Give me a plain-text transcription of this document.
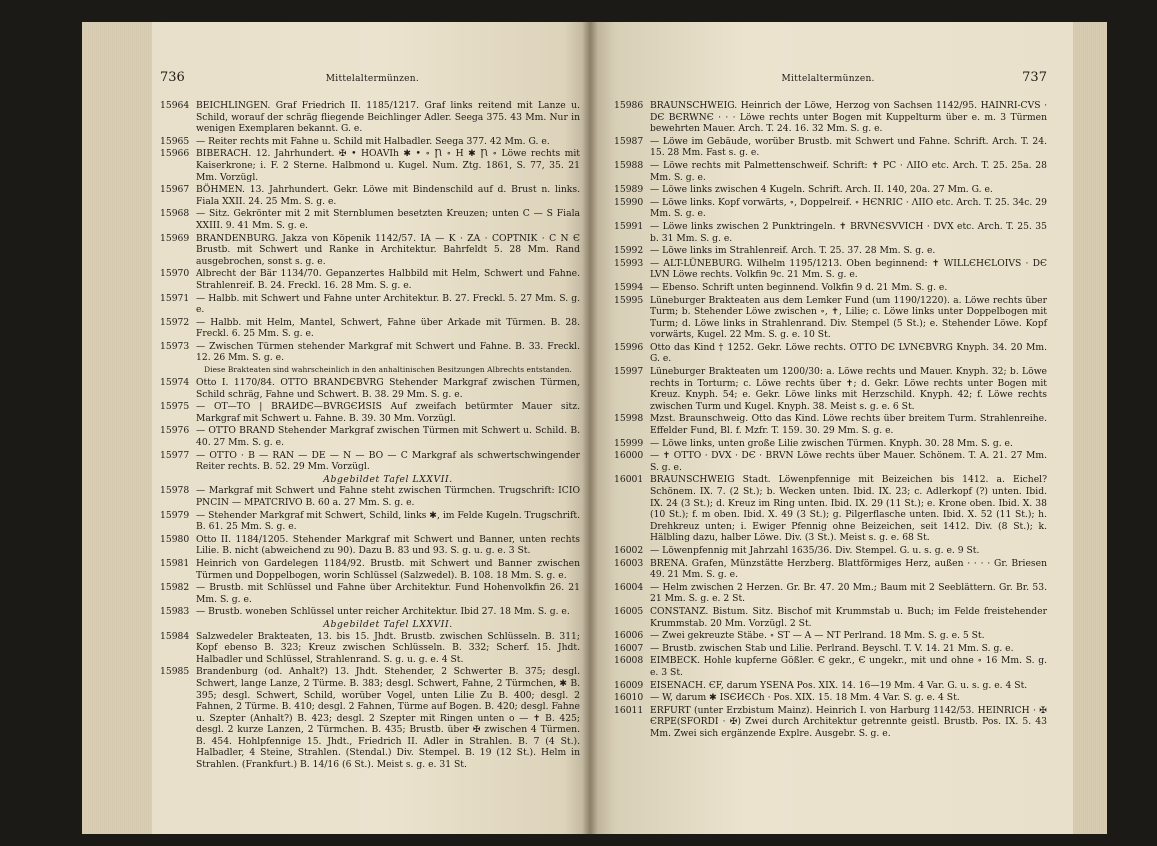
736	Mittelaltermünzen.
15964 BEICHLINGEN. Graf Friedrich II. 1185/1217. Graf links reitend mit Lanze u. Schild, worauf der schräg fliegende Beichlinger Adler. Seega 375. 43 Mm. Nur in wenigen Exemplaren bekannt. G. e.
15965 — Reiter rechts mit Fahne u. Schild mit Halbadler. Seega 377. 42 Mm. G. e.
15966 BIBERACH. 12. Jahrhundert. ✠ • HOAVIh ✱ • ∘ Ꞃ ∘ H ✱ Ꞃ ∘ Löwe rechts mit Kaiserkrone; i. F. 2 Sterne. Halbmond u. Kugel. Num. Ztg. 1861, S. 77, 35. 21 Mm. Vorzügl.
15967 BÖHMEN. 13. Jahrhundert. Gekr. Löwe mit Bindenschild auf d. Brust n. links. Fiala XXII. 24. 25 Mm. S. g. e.
15968 — Sitz. Gekrönter mit 2 mit Sternblumen besetzten Kreuzen; unten C — S Fiala XXIII. 9. 41 Mm. S. g. e.
15969 BRANDENBURG. Jakza von Köpenik 1142/57. IA — K · ZA · COPTNIK · C N Є Brustb. mit Schwert und Ranke in Architektur. Bahrfeldt 5. 28 Mm. Rand ausgebrochen, sonst s. g. e.
15970 Albrecht der Bär 1134/70. Gepanzertes Halbbild mit Helm, Schwert und Fahne. Strahlenreif. B. 24. Freckl. 16. 28 Mm. S. g. e.
15971 — Halbb. mit Schwert und Fahne unter Architektur. B. 27. Freckl. 5. 27 Mm. S. g. e.
15972 — Halbb. mit Helm, Mantel, Schwert, Fahne über Arkade mit Türmen. B. 28. Freckl. 6. 25 Mm. S. g. e.
15973 — Zwischen Türmen stehender Markgraf mit Schwert und Fahne. B. 33. Freckl. 12. 26 Mm. S. g. e.
Diese Brakteaten sind wahrscheinlich in den anhaltinischen Besitzungen Albrechts entstanden.
15974 Otto I. 1170/84. OTTO BRANDЄBVRG Stehender Markgraf zwischen Türmen, Schild schräg, Fahne und Schwert. B. 38. 29 Mm. S. g. e.
15975 — OT—TO | BRAИDЄ—BVRGЄИSIS Auf zweifach betürmter Mauer sitz. Markgraf mit Schwert u. Fahne. B. 39. 30 Mm. Vorzügl.
15976 — OTTO BRAND Stehender Markgraf zwischen Türmen mit Schwert u. Schild. B. 40. 27 Mm. S. g. e.
15977 — OTTO · B — RAN — DE — N — BO — C Markgraf als schwertschwingender Reiter rechts. B. 52. 29 Mm. Vorzügl.
Abgebildet Tafel LXXVII.
15978 — Markgraf mit Schwert und Fahne steht zwischen Türmchen. Trugschrift: ICIO PNCIN — MPATCRIVO B. 60 a. 27 Mm. S. g. e.
15979 — Stehender Markgraf mit Schwert, Schild, links ✱, im Felde Kugeln. Trugschrift. B. 61. 25 Mm. S. g. e.
15980 Otto II. 1184/1205. Stehender Markgraf mit Schwert und Banner, unten rechts Lilie. B. nicht (abweichend zu 90). Dazu B. 83 und 93. S. g. u. g. e. 3 St.
15981 Heinrich von Gardelegen 1184/92. Brustb. mit Schwert und Banner zwischen Türmen und Doppelbogen, worin Schlüssel (Salzwedel). B. 108. 18 Mm. S. g. e.
15982 — Brustb. mit Schlüssel und Fahne über Architektur. Fund Hohenvolkfin 26. 21 Mm. S. g. e.
15983 — Brustb. woneben Schlüssel unter reicher Architektur. Ibid 27. 18 Mm. S. g. e.
Abgebildet Tafel LXXVII.
15984 Salzwedeler Brakteaten, 13. bis 15. Jhdt. Brustb. zwischen Schlüsseln. B. 311; Kopf ebenso B. 323; Kreuz zwischen Schlüsseln. B. 332; Scherf. 15. Jhdt. Halbadler und Schlüssel, Strahlenrand. S. g. u. g. e. 4 St.
15985 Brandenburg (od. Anhalt?) 13. Jhdt. Stehender, 2 Schwerter B. 375; desgl. Schwert, lange Lanze, 2 Türme. B. 383; desgl. Schwert, Fahne, 2 Türmchen, ✱ B. 395; desgl. Schwert, Schild, worüber Vogel, unten Lilie Zu B. 400; desgl. 2 Fahnen, 2 Türme. B. 410; desgl. 2 Fahnen, Türme auf Bogen. B. 420; desgl. Fahne u. Szepter (Anhalt?) B. 423; desgl. 2 Szepter mit Ringen unten o — ✝ B. 425; desgl. 2 kurze Lanzen, 2 Türmchen. B. 435; Brustb. über ✠ zwischen 4 Türmen. B. 454. Hohlpfennige 15. Jhdt., Friedrich II. Adler in Strahlen. B. 7 (4 St.). Halbadler, 4 Steine, Strahlen. (Stendal.) Div. Stempel. B. 19 (12 St.). Helm in Strahlen. (Frankfurt.) B. 14/16 (6 St.). Meist s. g. e. 31 St.
Mittelaltermünzen.	737
15986 BRAUNSCHWEIG. Heinrich der Löwe, Herzog von Sachsen 1142/95. HAINRI-CVS · DЄ BЄRWNЄ · · · Löwe rechts unter Bogen mit Kuppelturm über e. m. 3 Türmen bewehrten Mauer. Arch. T. 24. 16. 32 Mm. S. g. e.
15987 — Löwe im Gebäude, worüber Brustb. mit Schwert und Fahne. Schrift. Arch. T. 24. 15. 28 Mm. Fast s. g. e.
15988 — Löwe rechts mit Palmettenschweif. Schrift: ✝ PC · ΛIIO etc. Arch. T. 25. 25a. 28 Mm. S. g. e.
15989 — Löwe links zwischen 4 Kugeln. Schrift. Arch. II. 140, 20a. 27 Mm. G. e.
15990 — Löwe links. Kopf vorwärts, ∘, Doppelreif. ∘ HЄNRIC · ΛIIO etc. Arch. T. 25. 34c. 29 Mm. S. g. e.
15991 — Löwe links zwischen 2 Punktringeln. ✝ BRVNЄSVVICH · DVX etc. Arch. T. 25. 35 b. 31 Mm. S. g. e.
15992 — Löwe links im Strahlenreif. Arch. T. 25. 37. 28 Mm. S. g. e.
15993 — ALT-LÜNEBURG. Wilhelm 1195/1213. Oben beginnend: ✝ WILLЄHЄLOIVS · DЄ LVN Löwe rechts. Volkfin 9c. 21 Mm. S. g. e.
15994 — Ebenso. Schrift unten beginnend. Volkfin 9 d. 21 Mm. S. g. e.
15995 Lüneburger Brakteaten aus dem Lemker Fund (um 1190/1220). a. Löwe rechts über Turm; b. Stehender Löwe zwischen ∘, ✝, Lilie; c. Löwe links unter Doppelbogen mit Turm; d. Löwe links in Strahlenrand. Div. Stempel (5 St.); e. Stehender Löwe. Kopf vorwärts, Kugel. 22 Mm. S. g. e. 10 St.
15996 Otto das Kind † 1252. Gekr. Löwe rechts. OTTO DЄ LVNЄBVRG Knyph. 34. 20 Mm. G. e.
15997 Lüneburger Brakteaten um 1200/30: a. Löwe rechts und Mauer. Knyph. 32; b. Löwe rechts in Torturm; c. Löwe rechts über ✝; d. Gekr. Löwe rechts unter Bogen mit Kreuz. Knyph. 54; e. Gekr. Löwe links mit Herzschild. Knyph. 42; f. Löwe rechts zwischen Turm und Kugel. Knyph. 38. Meist s. g. e. 6 St.
15998 Mzst. Braunschweig. Otto das Kind. Löwe rechts über breitem Turm. Strahlenreihe. Effelder Fund, Bl. f. Mzfr. T. 159. 30. 29 Mm. S. g. e.
15999 — Löwe links, unten große Lilie zwischen Türmen. Knyph. 30. 28 Mm. S. g. e.
16000 — ✝ OTTO · DVX · DЄ · BRVN Löwe rechts über Mauer. Schönem. T. A. 21. 27 Mm. S. g. e.
16001 BRAUNSCHWEIG Stadt. Löwenpfennige mit Beizeichen bis 1412. a. Eichel? Schönem. IX. 7. (2 St.); b. Wecken unten. Ibid. IX. 23; c. Adlerkopf (?) unten. Ibid. IX. 24 (3 St.); d. Kreuz im Ring unten. Ibid. IX. 29 (11 St.); e. Krone oben. Ibid. X. 38 (10 St.); f. m oben. Ibid. X. 49 (3 St.); g. Pilgerflasche unten. Ibid. X. 52 (11 St.); h. Drehkreuz unten; i. Ewiger Pfennig ohne Beizeichen, seit 1412. Div. (8 St.); k. Hälbling dazu, halber Löwe. Div. (3 St.). Meist s. g. e. 68 St.
16002 — Löwenpfennig mit Jahrzahl 1635/36. Div. Stempel. G. u. s. g. e. 9 St.
16003 BRENA. Grafen, Münzstätte Herzberg. Blattförmiges Herz, außen · · · · Gr. Briesen 49. 21 Mm. S. g. e.
16004 — Helm zwischen 2 Herzen. Gr. Br. 47. 20 Mm.; Baum mit 2 Seeblättern. Gr. Br. 53. 21 Mm. S. g. e. 2 St.
16005 CONSTANZ. Bistum. Sitz. Bischof mit Krummstab u. Buch; im Felde freistehender Krummstab. 20 Mm. Vorzügl. 2 St.
16006 — Zwei gekreuzte Stäbe. ∘ ST — A — NT Perlrand. 18 Mm. S. g. e. 5 St.
16007 — Brustb. zwischen Stab und Lilie. Perlrand. Beyschl. T. V. 14. 21 Mm. S. g. e.
16008 EIMBECK. Hohle kupferne Gößler. Є gekr., Є ungekr., mit und ohne ∘ 16 Mm. S. g. e. 3 St.
16009 EISENACH. ЄF, darum YSENA Pos. XIX. 14. 16—19 Mm. 4 Var. G. u. s. g. e. 4 St.
16010 — W, darum ✱ ISЄИЄCh · Pos. XIX. 15. 18 Mm. 4 Var. S. g. e. 4 St.
16011 ERFURT (unter Erzbistum Mainz). Heinrich I. von Harburg 1142/53. HEINRICH · ✠ ЄRPE(SFORDI · ✠) Zwei durch Architektur getrennte geistl. Brustb. Pos. IX. 5. 43 Mm. Zwei sich ergänzende Explre. Ausgebr. S. g. e.
